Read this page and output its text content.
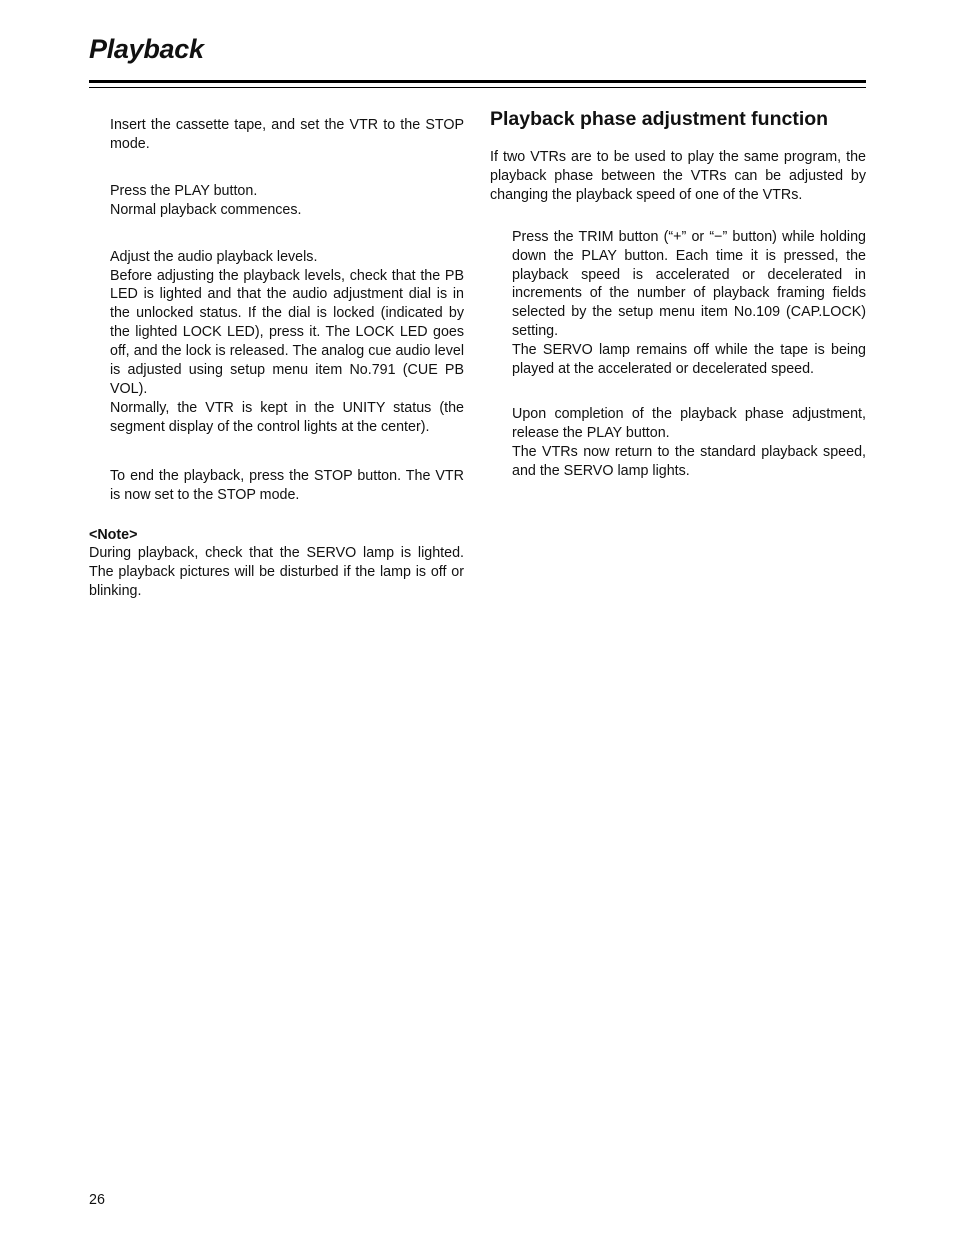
Playback

Insert the cassette tape, and set the VTR to the STOP mode.

Press the PLAY button.

Normal playback commences.

Adjust the audio playback levels.

Before adjusting the playback levels, check that the PB LED is lighted and that the audio adjustment dial is in the unlocked status. If the dial is locked (indicated by the lighted LOCK LED), press it. The LOCK LED goes off, and the lock is released. The analog cue audio level is adjusted using setup menu item No.791 (CUE PB VOL).

Normally, the VTR is kept in the UNITY status (the segment display of the control lights at the center).

To end the playback, press the STOP button. The VTR is now set to the STOP mode.

<Note>

During playback, check that the SERVO lamp is lighted. The playback pictures will be disturbed if the lamp is off or blinking.

Playback phase adjustment function

If two VTRs are to be used to play the same program, the playback phase between the VTRs can be adjusted by changing the playback speed of one of the VTRs.

Press the TRIM button (“+” or “−” button) while holding down the PLAY button. Each time it is pressed, the playback speed is accelerated or decelerated in increments of the number of playback framing fields selected by the setup menu item No.109 (CAP.LOCK) setting.

The SERVO lamp remains off while the tape is being played at the accelerated or decelerated speed.

Upon completion of the playback phase adjustment, release the PLAY button.

The VTRs now return to the standard playback speed, and the SERVO lamp lights.

26
